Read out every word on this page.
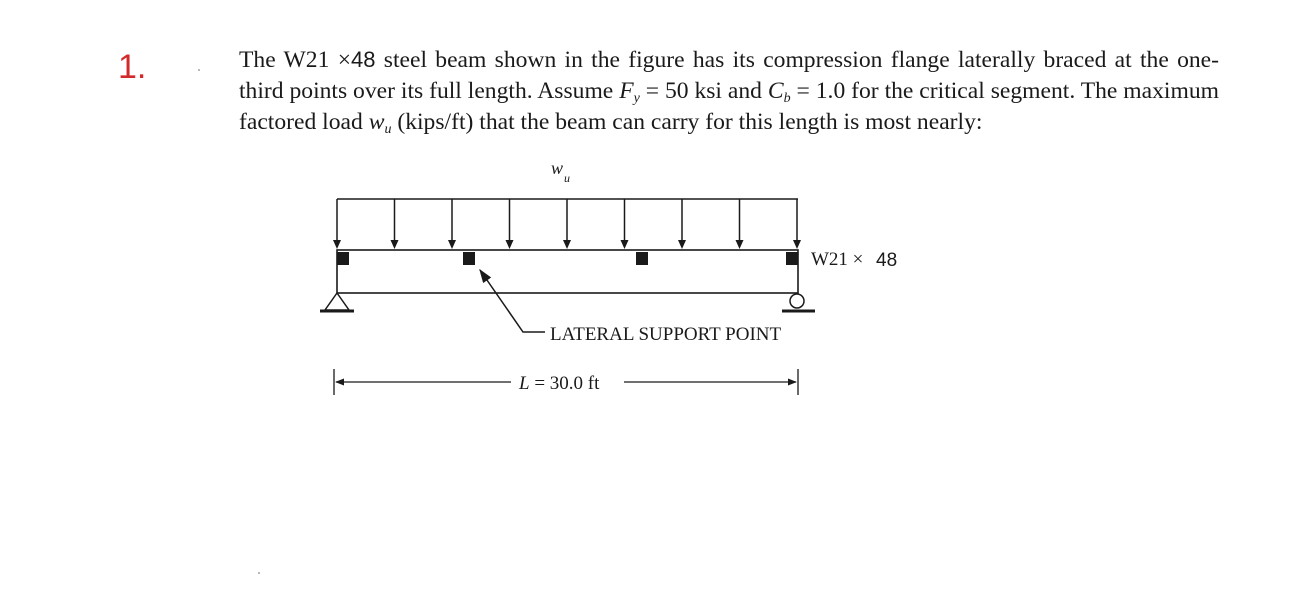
1.	The W21 ×48 steel beam shown in the figure has its compression flange laterally braced at the one-third points over its full length. Assume $F_y = 50$ ksi and $C_b = 1.0$ for the critical segment. The maximum factored load $w_u$ (kips/ft) that the beam can carry for this length is most nearly:
w u
W21 × 48
LATERAL SUPPORT POINT
L = 30.0 ft
